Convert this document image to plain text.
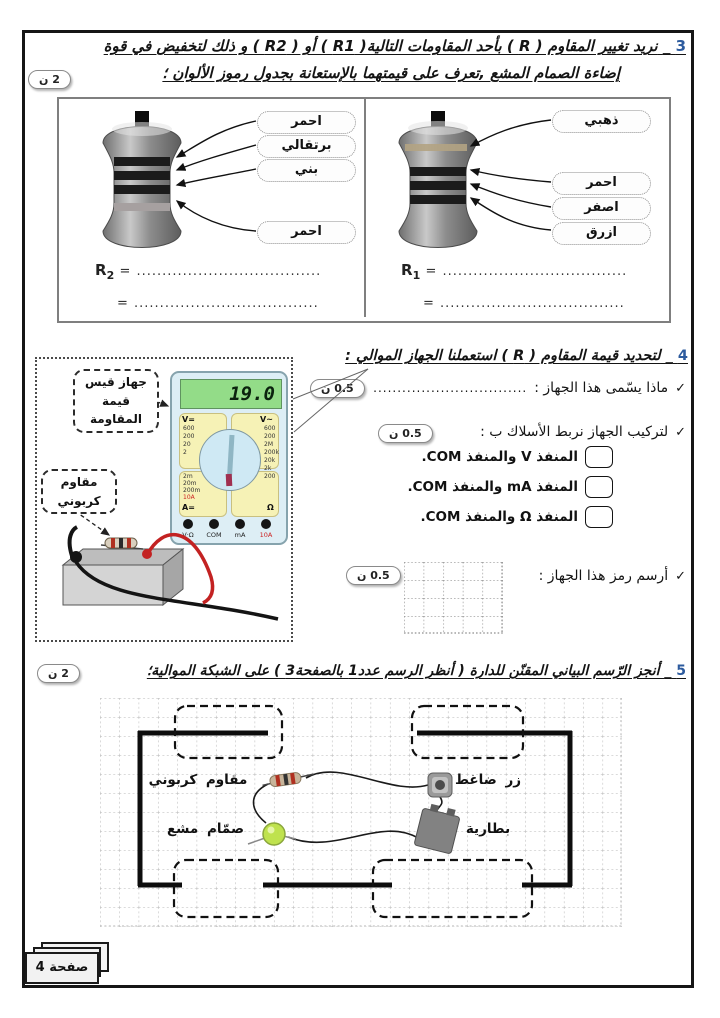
3 _ نريد تغيير المقاوم ( R ) بأحد المقاومات التالية( R1 ) أو ( R2 ) و ذلك لتخفيض في قوة
إضاءة الصمام المشع ,تعرف على قيمتهما بالإستعانة بجدول رموز الألوان ؛
2 ن
احمر
برتقالي
بني
احمر
$R_2$ = ....................................
= ....................................
ذهبي
احمر
اصفر
ازرق
$R_1$ = ....................................
= ....................................
4 _ لتحديد قيمة المقاوم ( R ) استعملنا الجهاز الموالي :
جهاز قيس قيمة المقاومة
مقاوم كربوني
19.0
V=	V~
A=	Ω
600
200
20
2
600
200
2M
200k
20k
2k
200
2m
20m
200m
10A
V·Ω	COM	mA	10A
✓
ماذا يسّمى هذا الجهاز :
................................
0.5 ن
✓
لتركيب الجهاز نربط الأسلاك ب :
0.5 ن
المنفذ V والمنفذ COM.
المنفذ mA والمنفذ COM.
المنفذ Ω والمنفذ COM.
✓
أرسم رمز هذا الجهاز :
0.5 ن
5 _ أنجز الرّسم البياني المقنّن للدارة ( أنظر الرسم عدد1 بالصفحة3 ) على الشبكة الموالية؛
2 ن
مقاوم كربوني	زر ضاغط
صمّام مشع	بطارية
صفحة 4
